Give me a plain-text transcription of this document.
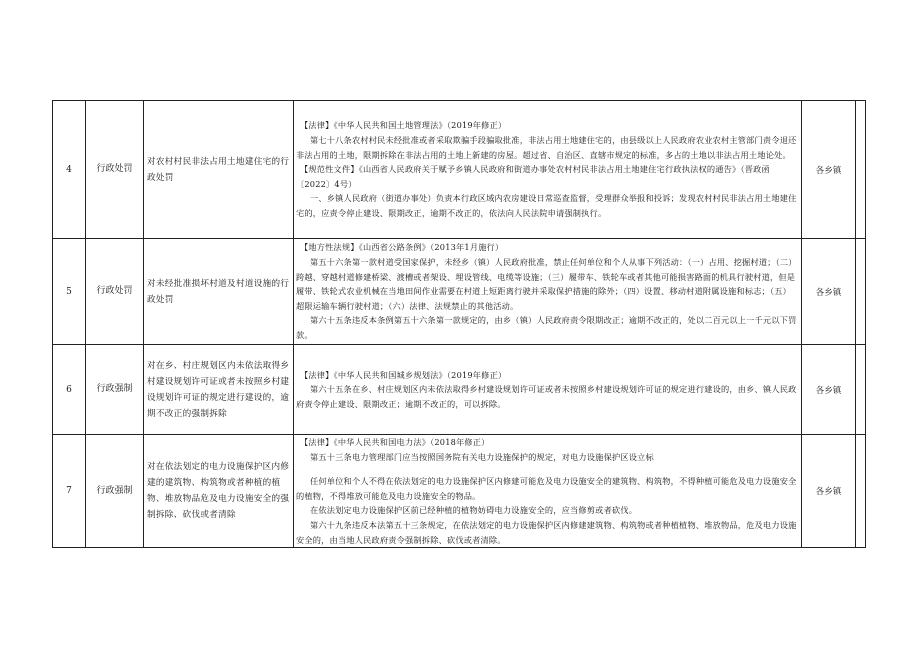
4	行政处罚	对农村村民非法占用土地建住宅的行政处罚	【法律】《中华人民共和国土地管理法》（2019年修正）

第七十八条农村村民未经批准或者采取欺骗手段骗取批准，非法占用土地建住宅的，由县级以上人民政府农业农村主管部门责令退还非法占用的土地，限期拆除在非法占用的土地上新建的房屋。超过省、自治区、直辖市规定的标准，多占的土地以非法占用土地论处。

【规范性文件】《山西省人民政府关于赋予乡镇人民政府和街道办事处农村村民非法占用土地建住宅行政执法权的通告》（晋政函〔2022〕4号）

一、乡镇人民政府（街道办事处）负责本行政区域内农房建设日常巡查监督，受理群众举报和投诉；发现农村村民非法占用土地建住宅的，应责令停止建设、限期改正，逾期不改正的，依法向人民法院申请强制执行。	各乡镇	
5	行政处罚	对未经批准损坏村道及村道设施的行政处罚	【地方性法规】《山西省公路条例》（2013年1月施行）

第五十六条第一款村道受国家保护，未经乡（镇）人民政府批准，禁止任何单位和个人从事下列活动：（一）占用、挖掘村道；（二）跨越、穿越村道修建桥梁、渡槽或者架设、埋设管线、电缆等设施；（三）履带车、铁轮车或者其他可能损害路面的机具行驶村道，但是履带、铁轮式农业机械在当地田间作业需要在村道上短距离行驶并采取保护措施的除外；（四）设置、移动村道附属设施和标志；（五）超限运输车辆行驶村道；（六）法律、法规禁止的其他活动。

第六十五条违反本条例第五十六条第一款规定的，由乡（镇）人民政府责令限期改正；逾期不改正的，处以二百元以上一千元以下罚款。	各乡镇	
6	行政强制	对在乡、村庄规划区内未依法取得乡村建设规划许可证或者未按照乡村建设规划许可证的规定进行建设的，逾期不改正的强制拆除	【法律】《中华人民共和国城乡规划法》（2019年修正）

第六十五条在乡、村庄规划区内未依法取得乡村建设规划许可证或者未按照乡村建设规划许可证的规定进行建设的，由乡、镇人民政府责令停止建设、限期改正；逾期不改正的，可以拆除。	各乡镇	
7	行政强制	对在依法划定的电力设施保护区内修建的建筑物、构筑物或者种植的植物、堆放物品危及电力设施安全的强制拆除、砍伐或者清除	【法律】《中华人民共和国电力法》（2018年修正）

第五十三条电力管理部门应当按照国务院有关电力设施保护的规定，对电力设施保护区设立标

任何单位和个人不得在依法划定的电力设施保护区内修建可能危及电力设施安全的建筑物、构筑物，不得种植可能危及电力设施安全的植物，不得堆放可能危及电力设施安全的物品。

在依法划定电力设施保护区前已经种植的植物妨碍电力设施安全的，应当修剪或者砍伐。

第六十九条违反本法第五十三条规定，在依法划定的电力设施保护区内修建建筑物、构筑物或者种植植物、堆放物品，危及电力设施安全的，由当地人民政府责令强制拆除、砍伐或者清除。	各乡镇	
